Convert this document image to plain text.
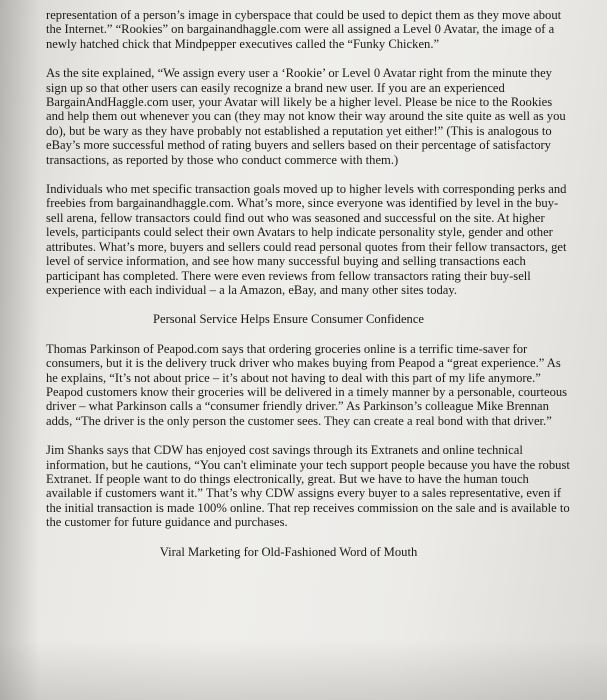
representation of a person’s image in cyberspace that could be used to depict them as they move about the Internet.” “Rookies” on bargainandhaggle.com were all assigned a Level 0 Avatar, the image of a newly hatched chick that Mindpepper executives called the “Funky Chicken.”

As the site explained, “We assign every user a ‘Rookie’ or Level 0 Avatar right from the minute they sign up so that other users can easily recognize a brand new user. If you are an experienced BargainAndHaggle.com user, your Avatar will likely be a higher level. Please be nice to the Rookies and help them out whenever you can (they may not know their way around the site quite as well as you do), but be wary as they have probably not established a reputation yet either!” (This is analogous to eBay’s more successful method of rating buyers and sellers based on their percentage of satisfactory transactions, as reported by those who conduct commerce with them.)

Individuals who met specific transaction goals moved up to higher levels with corresponding perks and freebies from bargainandhaggle.com. What’s more, since everyone was identified by level in the buy-sell arena, fellow transactors could find out who was seasoned and successful on the site. At higher levels, participants could select their own Avatars to help indicate personality style, gender and other attributes. What’s more, buyers and sellers could read personal quotes from their fellow transactors, get level of service information, and see how many successful buying and selling transactions each participant has completed. There were even reviews from fellow transactors rating their buy-sell experience with each individual – a la Amazon, eBay, and many other sites today.

Personal Service Helps Ensure Consumer Confidence

Thomas Parkinson of Peapod.com says that ordering groceries online is a terrific time-saver for consumers, but it is the delivery truck driver who makes buying from Peapod a “great experience.” As he explains, “It’s not about price – it’s about not having to deal with this part of my life anymore.” Peapod customers know their groceries will be delivered in a timely manner by a personable, courteous driver – what Parkinson calls a “consumer friendly driver.” As Parkinson’s colleague Mike Brennan adds, “The driver is the only person the customer sees. They can create a real bond with that driver.”

Jim Shanks says that CDW has enjoyed cost savings through its Extranets and online technical information, but he cautions, “You can't eliminate your tech support people because you have the robust Extranet. If people want to do things electronically, great. But we have to have the human touch available if customers want it.” That’s why CDW assigns every buyer to a sales representative, even if the initial transaction is made 100% online. That rep receives commission on the sale and is available to the customer for future guidance and purchases.

Viral Marketing for Old-Fashioned Word of Mouth
